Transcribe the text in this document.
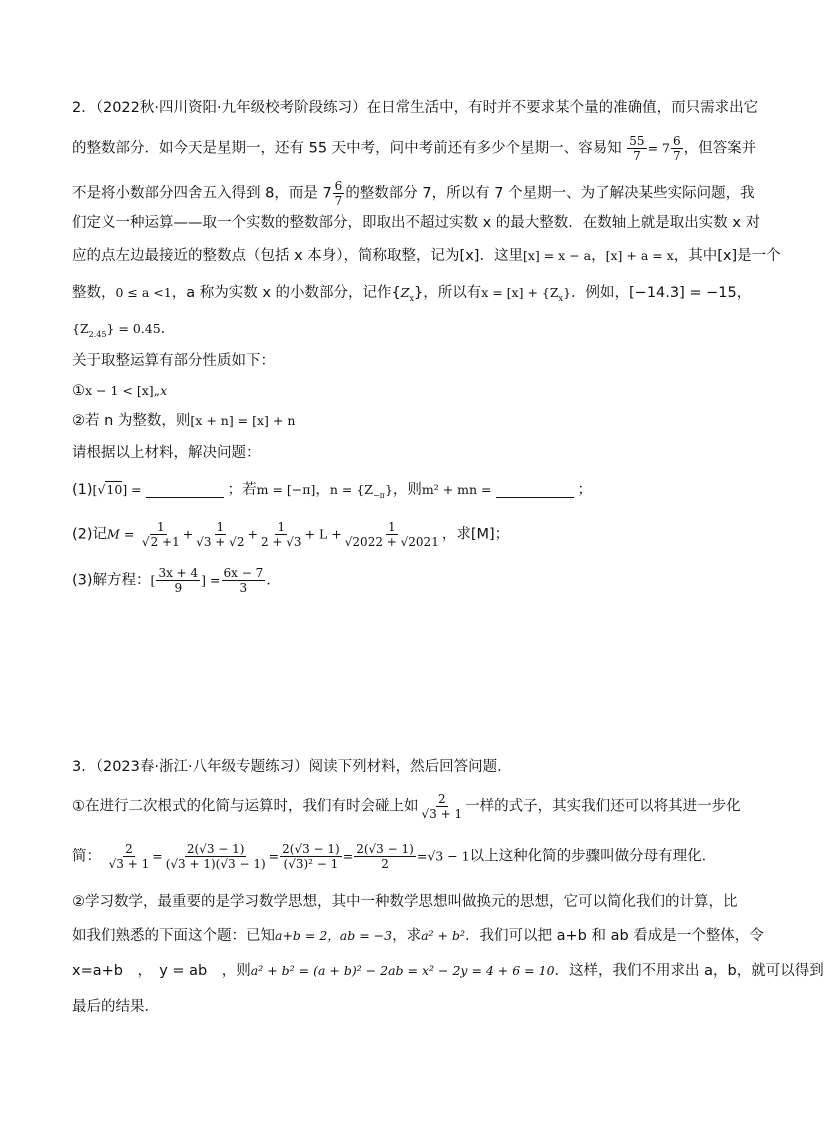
2．（2022秋·四川资阳·九年级校考阶段练习）在日常生活中，有时并不要求某个量的准确值，而只需求出它
的整数部分．如今天是星期一，还有 55 天中考，问中考前还有多少个星期一、容易知 $\frac{55}{7} = 7 \frac{6}{7}$ ，但答案并
不是将小数部分四舍五入得到 8，而是 $7 \frac{6}{7}$ 的整数部分 7，所以有 7 个星期一、为了解决某些实际问题，我
们定义一种运算——取一个实数的整数部分，即取出不超过实数 x 的最大整数．在数轴上就是取出实数 x 对
应的点左边最接近的整数点（包括 x 本身），简称取整，记为[x]．这里[x] = x − a，[x] + a = x，其中[x]是一个
整数，0 ≤ a <1，a 称为实数 x 的小数部分，记作$\{Z_x\}$，所以有$x = [x] + \{Z_x\}$．例如，[−14.3] = −15，
$\{Z_{2.45}\} = 0.45$．
关于取整运算有部分性质如下：
①x − 1 < [x]„x
②若 n 为整数，则[x + n] = [x] + n
请根据以上材料，解决问题：
(1)[√10] =	；若m = [−π]，$n = \{Z_{-\pi}\}$，则m² + mn =	；
(2)记$M = \frac{1}{√2 +1} + \frac{1}{√3 + √2} + \frac{1}{2 + √3} + L + \frac{1}{√2022 + √2021}$ ，求[M]；
(3)解方程：[ $\frac{3x + 4}{9}$ ] = $\frac{6x - 7}{3}$ ．
3．（2023春·浙江·八年级专题练习）阅读下列材料，然后回答问题．
①在进行二次根式的化简与运算时，我们有时会碰上如 $\frac{2}{√3 + 1}$ 一样的式子，其实我们还可以将其进一步化
简： $\frac{2}{√3 + 1} = \frac{2(√3 - 1)}{(√3 + 1)(√3 - 1)} = \frac{2(√3 - 1)}{\text{(√3)² − 1}} = \frac{2(√3 - 1)}{2} =√3 - 1$以上这种化简的步骤叫做分母有理化．
②学习数学，最重要的是学习数学思想，其中一种数学思想叫做换元的思想，它可以简化我们的计算，比
如我们熟悉的下面这个题：已知a+b = 2，ab = −3，求a² + b²．我们可以把 a+b 和 ab 看成是一个整体，令
x=a+b　，　y = ab　，则a² + b² = (a + b)² − 2ab = x² − 2y = 4 + 6 = 10．这样，我们不用求出 a，b，就可以得到
最后的结果．
